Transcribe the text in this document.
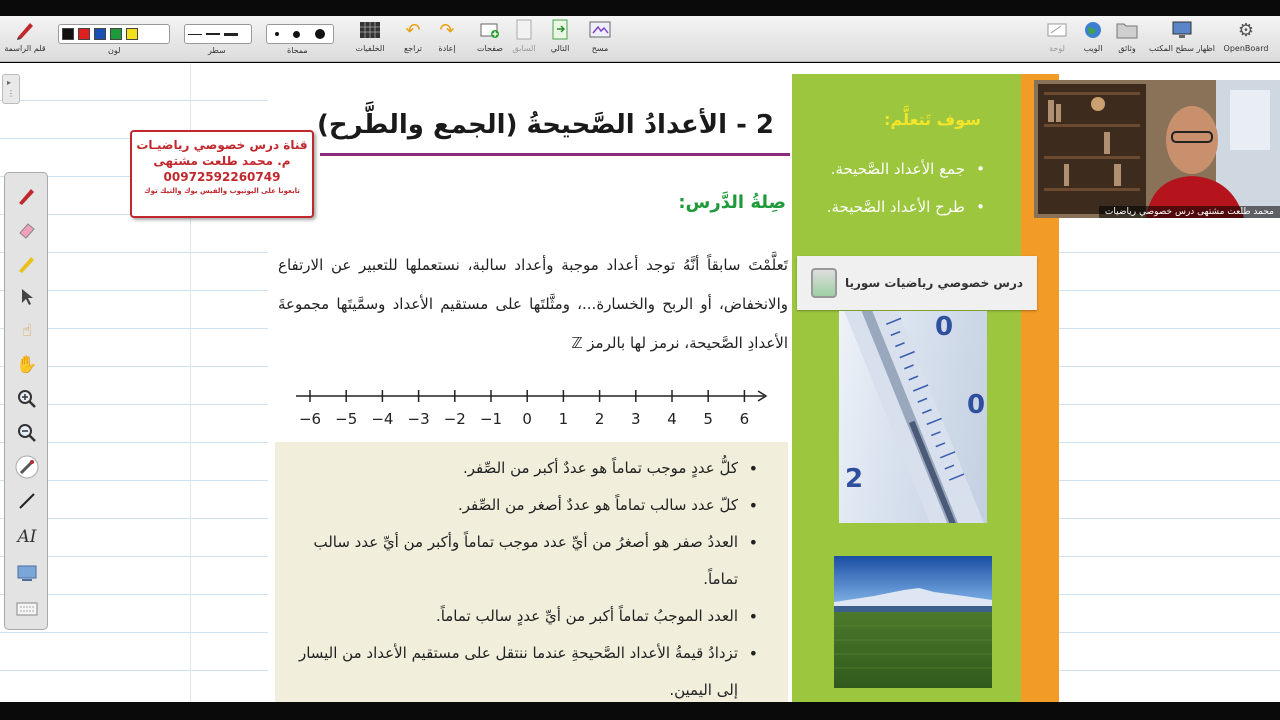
قلم الراسمة	لون	سطر	ممحاة	الخلفيات
↶
تراجع
↷
إعادة	صفحات السابق التالي	مسح	لوحة الويب وثائق اظهار سطح المكتب
⚙
OpenBoard
▸
⋮
☝
✋
AI
2 - الأعدادُ الصَّحيحةُ (الجمع والطَّرح)
صِلةُ الدَّرس:
تَعلَّمْتَ سابقاً أنَّهُ توجد أعداد موجبة وأعداد سالبة، نستعملها للتعبير عن الارتفاع والانخفاض، أو الربح والخسارة...، ومثَّلتَها على مستقيم الأعداد وسمَّيتَها مجموعةَ الأعدادِ الصَّحيحة، نرمز لها بالرمز ℤ
−6 −5 −4 −3 −2 −1 0 1 2 3 4 5 6
• كلُّ عددٍ موجب تماماً هو عددٌ أكبر من الصِّفر.
• كلّ عدد سالب تماماً هو عددٌ أصغر من الصِّفر.
• العددُ صفر هو أصغرُ من أيِّ عدد موجب تماماً وأكبر من أيِّ عدد سالب تماماً.
• العدد الموجبُ تماماً أكبر من أيِّ عددٍ سالب تماماً.
• تزدادُ قيمةُ الأعداد الصَّحيحةِ عندما ننتقل على مستقيم الأعداد من اليسار إلى اليمين.
قناة درس خصوصي رياضيـات
م. محمد طلعت مشتهى
00972592260749
تابعونا على اليوتيوب والفيس بوك والتيك توك
سوف تَتعلَّم:
• جمع الأعداد الصَّحيحة.
• طرح الأعداد الصَّحيحة.
درس خصوصي رياضيات سوريا
0
0
2
محمد طلعت مشتهى درس خصوصي رياضيات
